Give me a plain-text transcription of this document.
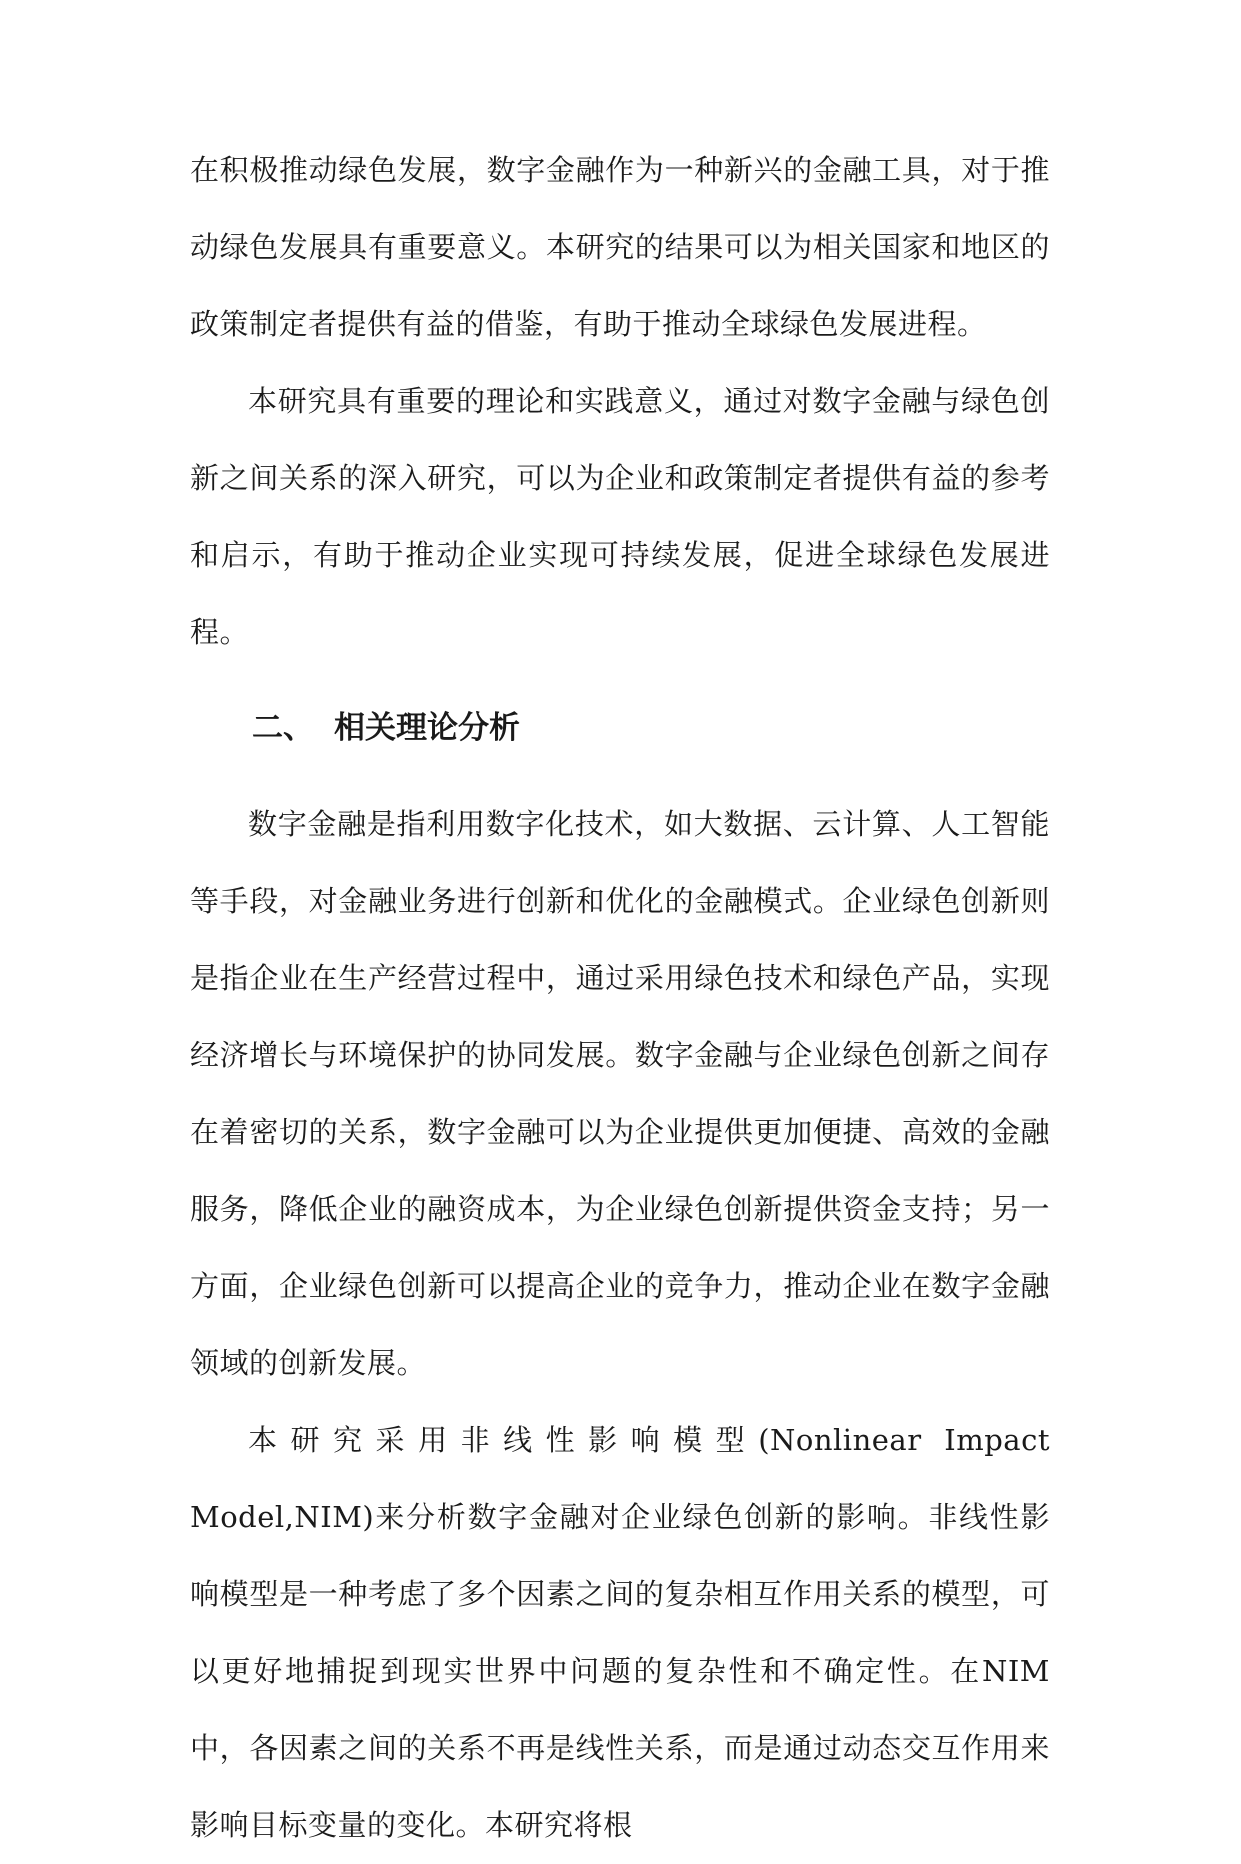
在积极推动绿色发展，数字金融作为一种新兴的金融工具，对于推动绿色发展具有重要意义。本研究的结果可以为相关国家和地区的政策制定者提供有益的借鉴，有助于推动全球绿色发展进程。

本研究具有重要的理论和实践意义，通过对数字金融与绿色创新之间关系的深入研究，可以为企业和政策制定者提供有益的参考和启示，有助于推动企业实现可持续发展，促进全球绿色发展进程。

二、 相关理论分析

数字金融是指利用数字化技术，如大数据、云计算、人工智能等手段，对金融业务进行创新和优化的金融模式。企业绿色创新则是指企业在生产经营过程中，通过采用绿色技术和绿色产品，实现经济增长与环境保护的协同发展。数字金融与企业绿色创新之间存在着密切的关系，数字金融可以为企业提供更加便捷、高效的金融服务，降低企业的融资成本，为企业绿色创新提供资金支持；另一方面，企业绿色创新可以提高企业的竞争力，推动企业在数字金融领域的创新发展。

本研究采用非线性影响模型(Nonlinear Impact Model,NIM)来分析数字金融对企业绿色创新的影响。非线性影响模型是一种考虑了多个因素之间的复杂相互作用关系的模型，可以更好地捕捉到现实世界中问题的复杂性和不确定性。在NIM中，各因素之间的关系不再是线性关系，而是通过动态交互作用来影响目标变量的变化。本研究将根
